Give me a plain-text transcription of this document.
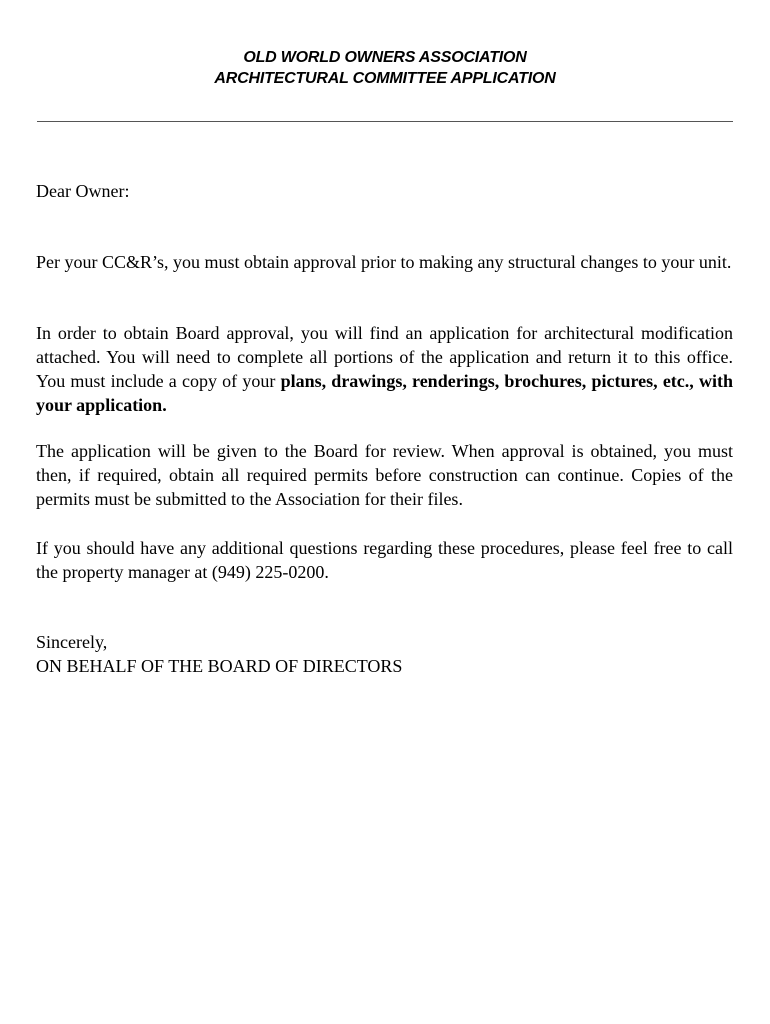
OLD WORLD OWNERS ASSOCIATION
ARCHITECTURAL COMMITTEE APPLICATION
Dear Owner:
Per your CC&R’s, you must obtain approval prior to making any structural changes to your unit.
In order to obtain Board approval, you will find an application for architectural modification attached. You will need to complete all portions of the application and return it to this office. You must include a copy of your plans, drawings, renderings, brochures, pictures, etc., with your application.
The application will be given to the Board for review. When approval is obtained, you must then, if required, obtain all required permits before construction can continue. Copies of the permits must be submitted to the Association for their files.
If you should have any additional questions regarding these procedures, please feel free to call the property manager at (949) 225-0200.
Sincerely,
ON BEHALF OF THE BOARD OF DIRECTORS
